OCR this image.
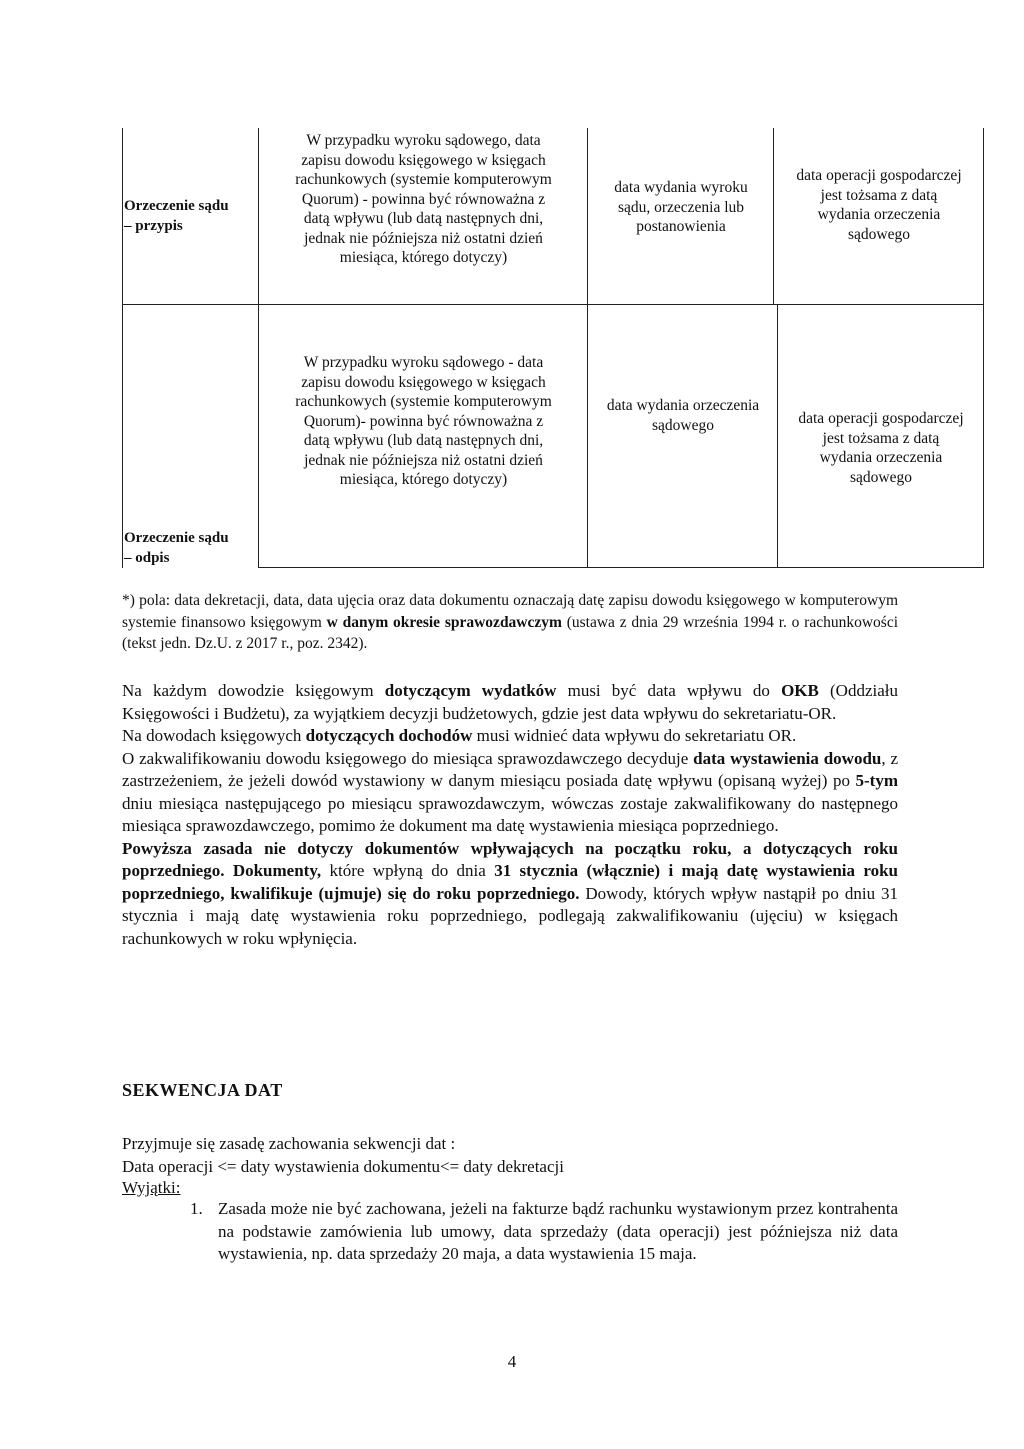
Orzeczenie sądu
– przypis
W przypadku wyroku sądowego, data
zapisu dowodu księgowego w księgach
rachunkowych (systemie komputerowym
Quorum) - powinna być równoważna z
datą wpływu (lub datą następnych dni,
jednak nie późniejsza niż ostatni dzień
miesiąca, którego dotyczy)
data wydania wyroku
sądu, orzeczenia lub
postanowienia
data operacji gospodarczej
jest tożsama z datą
wydania orzeczenia
sądowego
Orzeczenie sądu
– odpis
W przypadku wyroku sądowego - data
zapisu dowodu księgowego w księgach
rachunkowych (systemie komputerowym
Quorum)- powinna być równoważna z
datą wpływu (lub datą następnych dni,
jednak nie późniejsza niż ostatni dzień
miesiąca, którego dotyczy)
data wydania orzeczenia
sądowego	data operacji gospodarczej
jest tożsama z datą
wydania orzeczenia
sądowego
*) pola: data dekretacji, data, data ujęcia oraz data dokumentu oznaczają datę zapisu dowodu księgowego w komputerowym systemie finansowo księgowym w danym okresie sprawozdawczym (ustawa z dnia 29 września 1994 r. o rachunkowości (tekst jedn. Dz.U. z 2017 r., poz. 2342).
Na każdym dowodzie księgowym dotyczącym wydatków musi być data wpływu do OKB (Oddziału Księgowości i Budżetu), za wyjątkiem decyzji budżetowych, gdzie jest data wpływu do sekretariatu-OR.
Na dowodach księgowych dotyczących dochodów musi widnieć data wpływu do sekretariatu OR.
O zakwalifikowaniu dowodu księgowego do miesiąca sprawozdawczego decyduje data wystawienia dowodu, z zastrzeżeniem, że jeżeli dowód wystawiony w danym miesiącu posiada datę wpływu (opisaną wyżej) po 5-tym dniu miesiąca następującego po miesiącu sprawozdawczym, wówczas zostaje zakwalifikowany do następnego miesiąca sprawozdawczego, pomimo że dokument ma datę wystawienia miesiąca poprzedniego.
Powyższa zasada nie dotyczy dokumentów wpływających na początku roku, a dotyczących roku poprzedniego. Dokumenty, które wpłyną do dnia 31 stycznia (włącznie) i mają datę wystawienia roku poprzedniego, kwalifikuje (ujmuje) się do roku poprzedniego. Dowody, których wpływ nastąpił po dniu 31 stycznia i mają datę wystawienia roku poprzedniego, podlegają zakwalifikowaniu (ujęciu) w księgach rachunkowych w roku wpłynięcia.
SEKWENCJA DAT
Przyjmuje się zasadę zachowania sekwencji dat :
Data operacji <= daty wystawienia dokumentu<= daty dekretacji
Wyjątki:
1. Zasada może nie być zachowana, jeżeli na fakturze bądź rachunku wystawionym przez kontrahenta na podstawie zamówienia lub umowy, data sprzedaży (data operacji) jest późniejsza niż data wystawienia, np. data sprzedaży 20 maja, a data wystawienia 15 maja.
4
